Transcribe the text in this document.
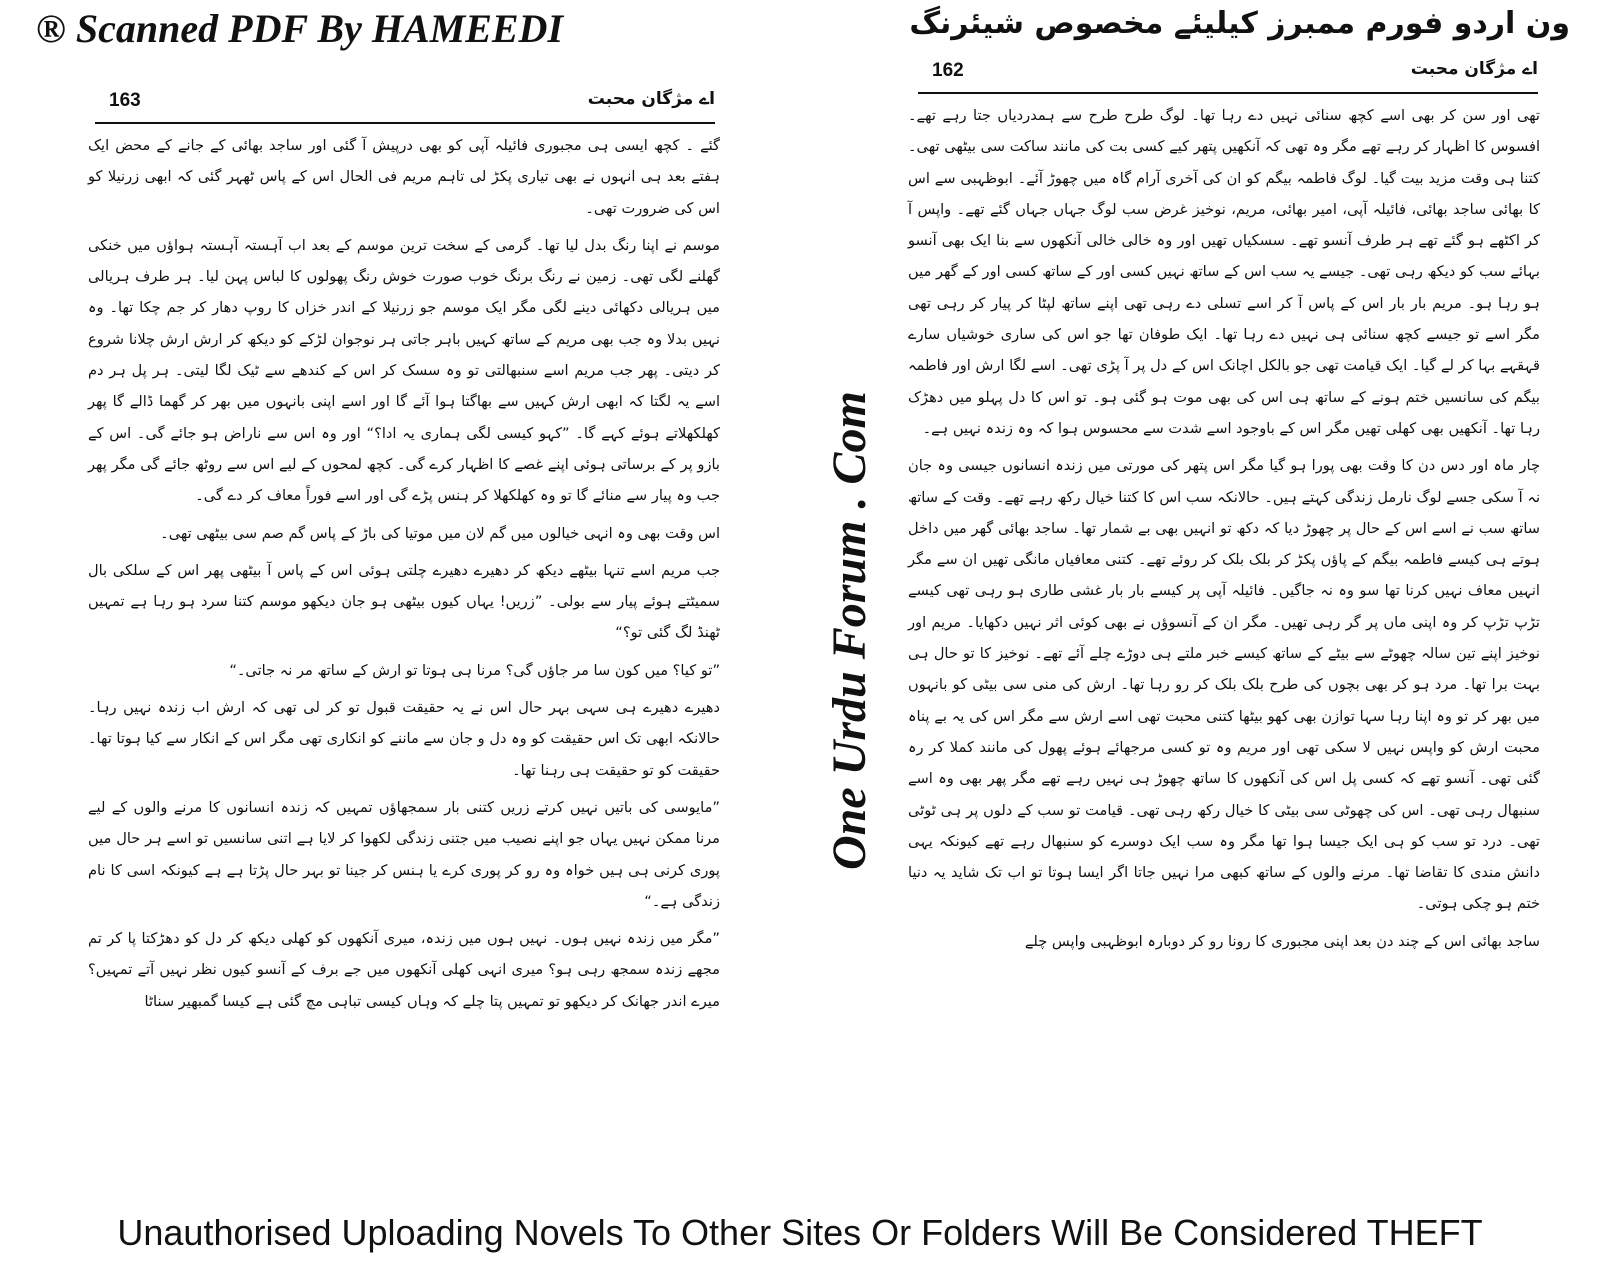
® Scanned PDF By HAMEEDI	ون اردو فورم ممبرز کیلیئے مخصوص شیئرنگ
163	اے مژگان محبت

گئے ۔ کچھ ایسی ہی مجبوری فائیلہ آپی کو بھی درپیش آ گئی اور ساجد بھائی کے جانے کے محض ایک ہفتے بعد ہی انہوں نے بھی تیاری پکڑ لی تاہم مریم فی الحال اس کے پاس ٹھہر گئی کہ ابھی زرنیلا کو اس کی ضرورت تھی۔

موسم نے اپنا رنگ بدل لیا تھا۔ گرمی کے سخت ترین موسم کے بعد اب آہستہ آہستہ ہواؤں میں خنکی گھلنے لگی تھی۔ زمین نے رنگ برنگ خوب صورت خوش رنگ پھولوں کا لباس پہن لیا۔ ہر طرف ہریالی میں ہریالی دکھائی دینے لگی مگر ایک موسم جو زرنیلا کے اندر خزاں کا روپ دھار کر جم چکا تھا۔ وہ نہیں بدلا وہ جب بھی مریم کے ساتھ کہیں باہر جاتی ہر نوجوان لڑکے کو دیکھ کر ارش ارش چلانا شروع کر دیتی۔ پھر جب مریم اسے سنبھالتی تو وہ سسک کر اس کے کندھے سے ٹیک لگا لیتی۔ ہر پل ہر دم اسے یہ لگتا کہ ابھی ارش کہیں سے بھاگتا ہوا آئے گا اور اسے اپنی بانہوں میں بھر کر گھما ڈالے گا پھر کھلکھلاتے ہوئے کہے گا۔ ”کہو کیسی لگی ہماری یہ ادا؟“ اور وہ اس سے ناراض ہو جائے گی۔ اس کے بازو پر کے برساتی ہوئی اپنے غصے کا اظہار کرے گی۔ کچھ لمحوں کے لیے اس سے روٹھ جائے گی مگر پھر جب وہ پیار سے منائے گا تو وہ کھلکھلا کر ہنس پڑے گی اور اسے فوراً معاف کر دے گی۔

اس وقت بھی وہ انہی خیالوں میں گم لان میں موتیا کی باڑ کے پاس گم صم سی بیٹھی تھی۔

جب مریم اسے تنہا بیٹھے دیکھ کر دھیرے دھیرے چلتی ہوئی اس کے پاس آ بیٹھی پھر اس کے سلکی بال سمیٹتے ہوئے پیار سے بولی۔ ”زریں! یہاں کیوں بیٹھی ہو جان دیکھو موسم کتنا سرد ہو رہا ہے تمہیں ٹھنڈ لگ گئی تو؟“

”تو کیا؟ میں کون سا مر جاؤں گی؟ مرنا ہی ہوتا تو ارش کے ساتھ مر نہ جاتی۔“

دھیرے دھیرے ہی سہی بہر حال اس نے یہ حقیقت قبول تو کر لی تھی کہ ارش اب زندہ نہیں رہا۔ حالانکہ ابھی تک اس حقیقت کو وہ دل و جان سے ماننے کو انکاری تھی مگر اس کے انکار سے کیا ہوتا تھا۔ حقیقت کو تو حقیقت ہی رہنا تھا۔

”مایوسی کی باتیں نہیں کرتے زریں کتنی بار سمجھاؤں تمہیں کہ زندہ انسانوں کا مرنے والوں کے لیے مرنا ممکن نہیں یہاں جو اپنے نصیب میں جتنی زندگی لکھوا کر لایا ہے اتنی سانسیں تو اسے ہر حال میں پوری کرنی ہی ہیں خواہ وہ رو کر پوری کرے یا ہنس کر جینا تو بہر حال پڑتا ہے ہے کیونکہ اسی کا نام زندگی ہے۔“

”مگر میں زندہ نہیں ہوں۔ نہیں ہوں میں زندہ، میری آنکھوں کو کھلی دیکھ کر دل کو دھڑکتا پا کر تم مجھے زندہ سمجھ رہی ہو؟ میری انہی کھلی آنکھوں میں جے برف کے آنسو کیوں نظر نہیں آتے تمہیں؟ میرے اندر جھانک کر دیکھو تو تمہیں پتا چلے کہ وہاں کیسی تباہی مچ گئی ہے کیسا گمبھیر سناٹا

162	اے مژگان محبت

تھی اور سن کر بھی اسے کچھ سنائی نہیں دے رہا تھا۔ لوگ طرح طرح سے ہمدردیاں جتا رہے تھے۔ افسوس کا اظہار کر رہے تھے مگر وہ تھی کہ آنکھیں پتھر کیے کسی بت کی مانند ساکت سی بیٹھی تھی۔ کتنا ہی وقت مزید بیت گیا۔ لوگ فاطمہ بیگم کو ان کی آخری آرام گاہ میں چھوڑ آئے۔ ابوظہبی سے اس کا بھائی ساجد بھائی، فائیلہ آپی، امیر بھائی، مریم، نوخیز غرض سب لوگ جہاں جہاں گئے تھے۔ واپس آ کر اکٹھے ہو گئے تھے ہر طرف آنسو تھے۔ سسکیاں تھیں اور وہ خالی خالی آنکھوں سے بنا ایک بھی آنسو بہائے سب کو دیکھ رہی تھی۔ جیسے یہ سب اس کے ساتھ نہیں کسی اور کے ساتھ کسی اور کے گھر میں ہو رہا ہو۔ مریم بار بار اس کے پاس آ کر اسے تسلی دے رہی تھی اپنے ساتھ لپٹا کر پیار کر رہی تھی مگر اسے تو جیسے کچھ سنائی ہی نہیں دے رہا تھا۔ ایک طوفان تھا جو اس کی ساری خوشیاں سارے قہقہے بہا کر لے گیا۔ ایک قیامت تھی جو بالکل اچانک اس کے دل پر آ پڑی تھی۔ اسے لگا ارش اور فاطمہ بیگم کی سانسیں ختم ہونے کے ساتھ ہی اس کی بھی موت ہو گئی ہو۔ تو اس کا دل پہلو میں دھڑک رہا تھا۔ آنکھیں بھی کھلی تھیں مگر اس کے باوجود اسے شدت سے محسوس ہوا کہ وہ زندہ نہیں ہے۔

چار ماہ اور دس دن کا وقت بھی پورا ہو گیا مگر اس پتھر کی مورتی میں زندہ انسانوں جیسی وہ جان نہ آ سکی جسے لوگ نارمل زندگی کہتے ہیں۔ حالانکہ سب اس کا کتنا خیال رکھ رہے تھے۔ وقت کے ساتھ ساتھ سب نے اسے اس کے حال پر چھوڑ دیا کہ دکھ تو انہیں بھی بے شمار تھا۔ ساجد بھائی گھر میں داخل ہوتے ہی کیسے فاطمہ بیگم کے پاؤں پکڑ کر بلک بلک کر روئے تھے۔ کتنی معافیاں مانگی تھیں ان سے مگر انہیں معاف نہیں کرنا تھا سو وہ نہ جاگیں۔ فائیلہ آپی پر کیسے بار بار غشی طاری ہو رہی تھی کیسے تڑپ تڑپ کر وہ اپنی ماں پر گر رہی تھیں۔ مگر ان کے آنسوؤں نے بھی کوئی اثر نہیں دکھایا۔ مریم اور نوخیز اپنے تین سالہ چھوٹے سے بیٹے کے ساتھ کیسے خبر ملتے ہی دوڑے چلے آئے تھے۔ نوخیز کا تو حال ہی بہت برا تھا۔ مرد ہو کر بھی بچوں کی طرح بلک بلک کر رو رہا تھا۔ ارش کی منی سی بیٹی کو بانہوں میں بھر کر تو وہ اپنا رہا سہا توازن بھی کھو بیٹھا کتنی محبت تھی اسے ارش سے مگر اس کی یہ بے پناہ محبت ارش کو واپس نہیں لا سکی تھی اور مریم وہ تو کسی مرجھائے ہوئے پھول کی مانند کملا کر رہ گئی تھی۔ آنسو تھے کہ کسی پل اس کی آنکھوں کا ساتھ چھوڑ ہی نہیں رہے تھے مگر پھر بھی وہ اسے سنبھال رہی تھی۔ اس کی چھوٹی سی بیٹی کا خیال رکھ رہی تھی۔ قیامت تو سب کے دلوں پر ہی ٹوٹی تھی۔ درد تو سب کو ہی ایک جیسا ہوا تھا مگر وہ سب ایک دوسرے کو سنبھال رہے تھے کیونکہ یہی دانش مندی کا تقاضا تھا۔ مرنے والوں کے ساتھ کبھی مرا نہیں جاتا اگر ایسا ہوتا تو اب تک شاید یہ دنیا ختم ہو چکی ہوتی۔

ساجد بھائی اس کے چند دن بعد اپنی مجبوری کا رونا رو کر دوبارہ ابوظہبی واپس چلے

One Urdu Forum . Com
Unauthorised Uploading Novels To Other Sites Or Folders Will Be Considered THEFT
